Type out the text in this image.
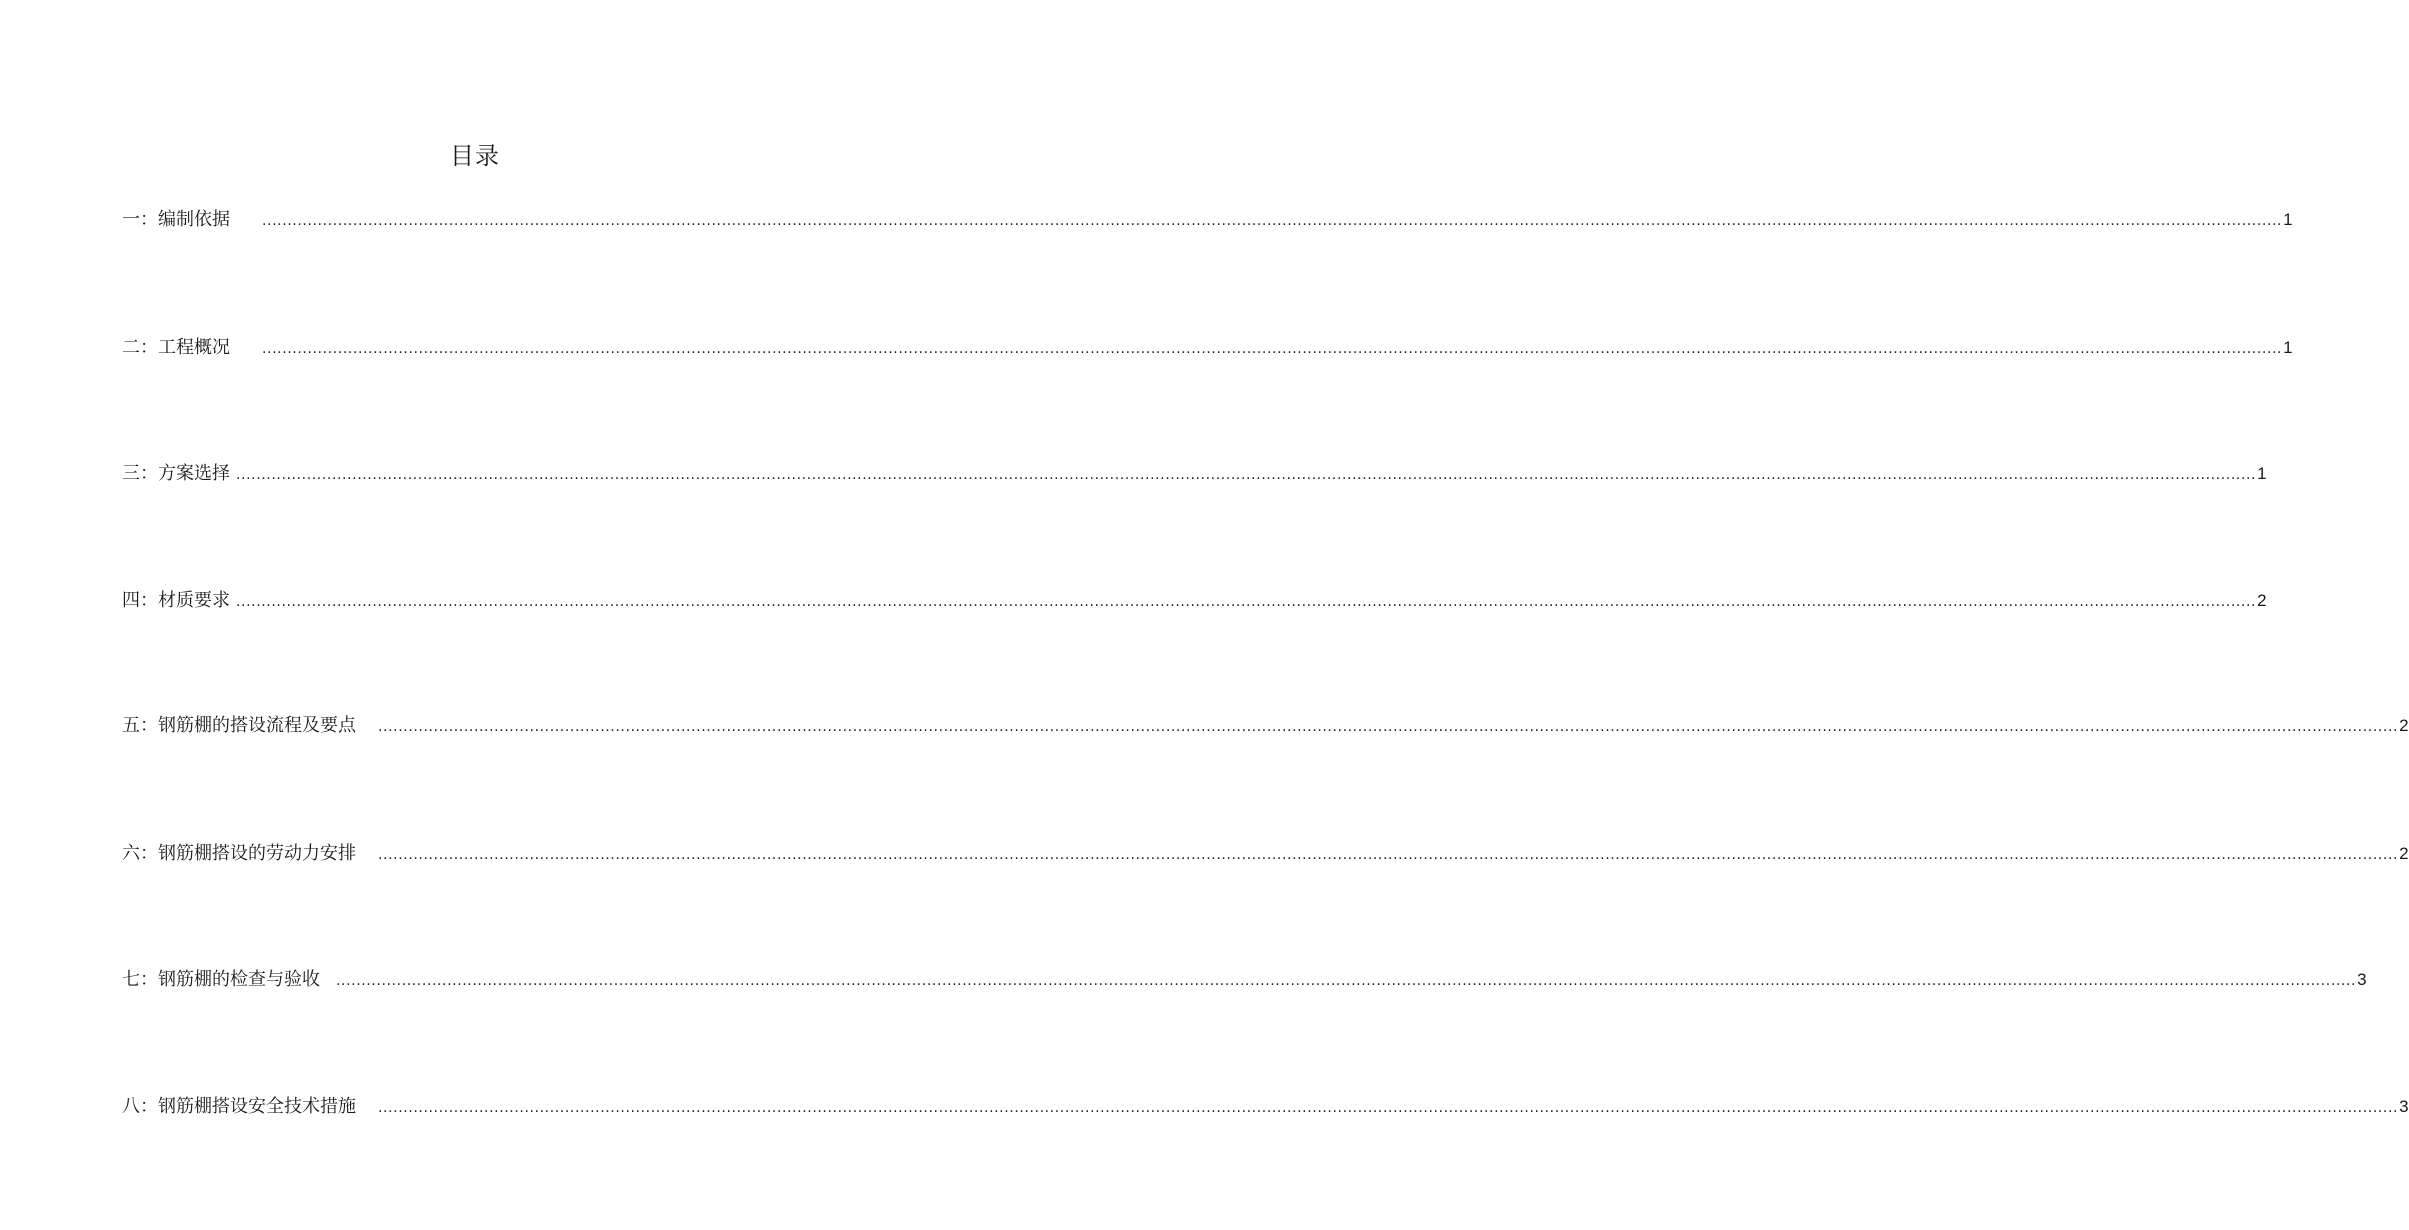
目录
一：编制依据 ................................................................................................................................................................................................................................................................................................................................................................................................................ 1
二：工程概况 ................................................................................................................................................................................................................................................................................................................................................................................................................ 1
三：方案选择 ................................................................................................................................................................................................................................................................................................................................................................................................................ 1
四：材质要求 ................................................................................................................................................................................................................................................................................................................................................................................................................ 2
五：钢筋棚的搭设流程及要点 ................................................................................................................................................................................................................................................................................................................................................................................................................ 2
六：钢筋棚搭设的劳动力安排 ................................................................................................................................................................................................................................................................................................................................................................................................................ 2
七：钢筋棚的检查与验收 ................................................................................................................................................................................................................................................................................................................................................................................................................ 3
八：钢筋棚搭设安全技术措施 ................................................................................................................................................................................................................................................................................................................................................................................................................ 3
